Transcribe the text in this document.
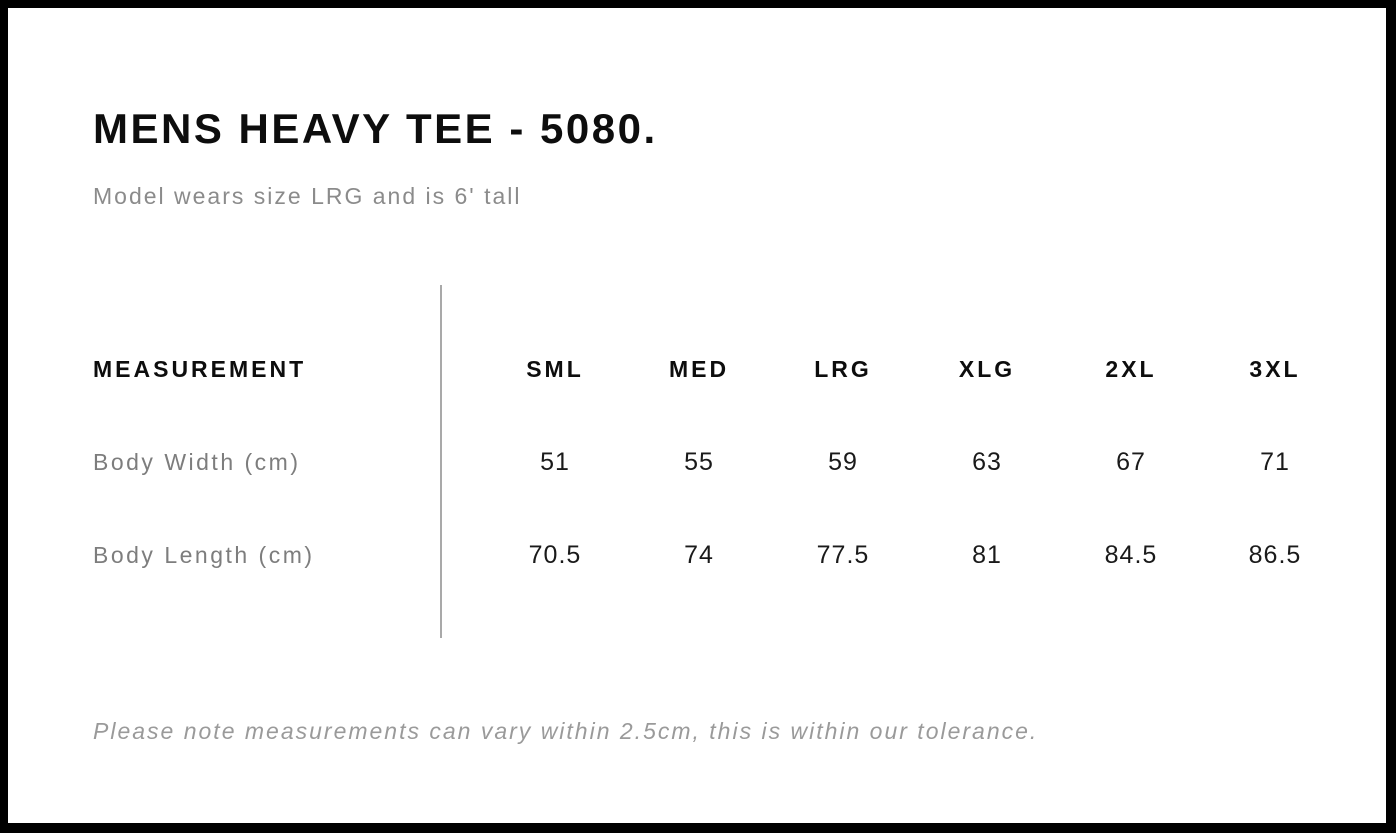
MENS HEAVY TEE - 5080.

Model wears size LRG and is 6' tall

MEASUREMENT	SML	MED	LRG	XLG	2XL	3XL
Body Width (cm)	51	55	59	63	67	71
Body Length (cm)	70.5	74	77.5	81	84.5	86.5

Please note measurements can vary within 2.5cm, this is within our tolerance.
